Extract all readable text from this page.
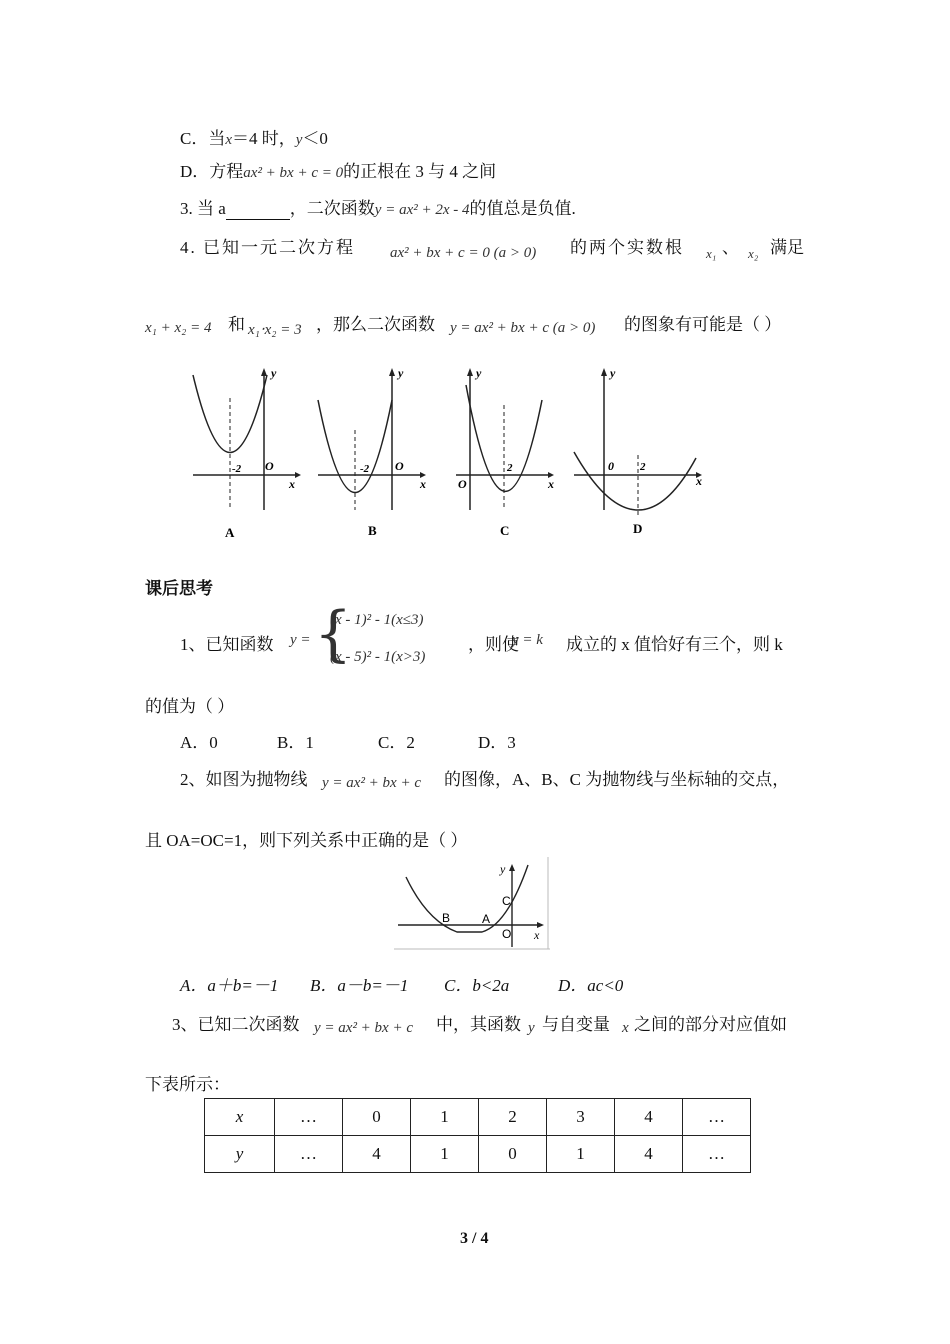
C．当x＝4 时，y＜0
D．方程ax² + bx + c = 0的正根在 3 与 4 之间
3. 当 a	，二次函数y = ax² + 2x - 4的值总是负值.
4. 已知一元二次方程 ax² + bx + c = 0 (a > 0) 的两个实数根 x₁ 、 x₂ 满足
x₁ + x₂ = 4 和 x₁⋅x₂ = 3 ，那么二次函数 y = ax² + bx + c (a > 0) 的图象有可能是（ ）
-2 O
x
y
A
-2 O
x
y
B
2
O	x
y
C
2
0
x
y
D
课后思考
1、已知函数 y = {
(x - 1)² - 1(x≤3)
(x - 5)² - 1(x>3)
，则使
y = k 成立的 x 值恰好有三个，则 k
的值为（ ）
A．0	B．1	C．2	D．3
2、如图为抛物线 y = ax² + bx + c 的图像，A、B、C 为抛物线与坐标轴的交点，
且 OA=OC=1，则下列关系中正确的是（ ）
B	A
C
O x
y
A．a＋b=－1 B．a－b=－1 C．b<2a	D．ac<0
3、已知二次函数 y = ax² + bx + c 中，其函数 y 与自变量 x 之间的部分对应值如
下表所示：
x	…	0	1	2	3	4	…
y	…	4	1	0	1	4	…
3 / 4
